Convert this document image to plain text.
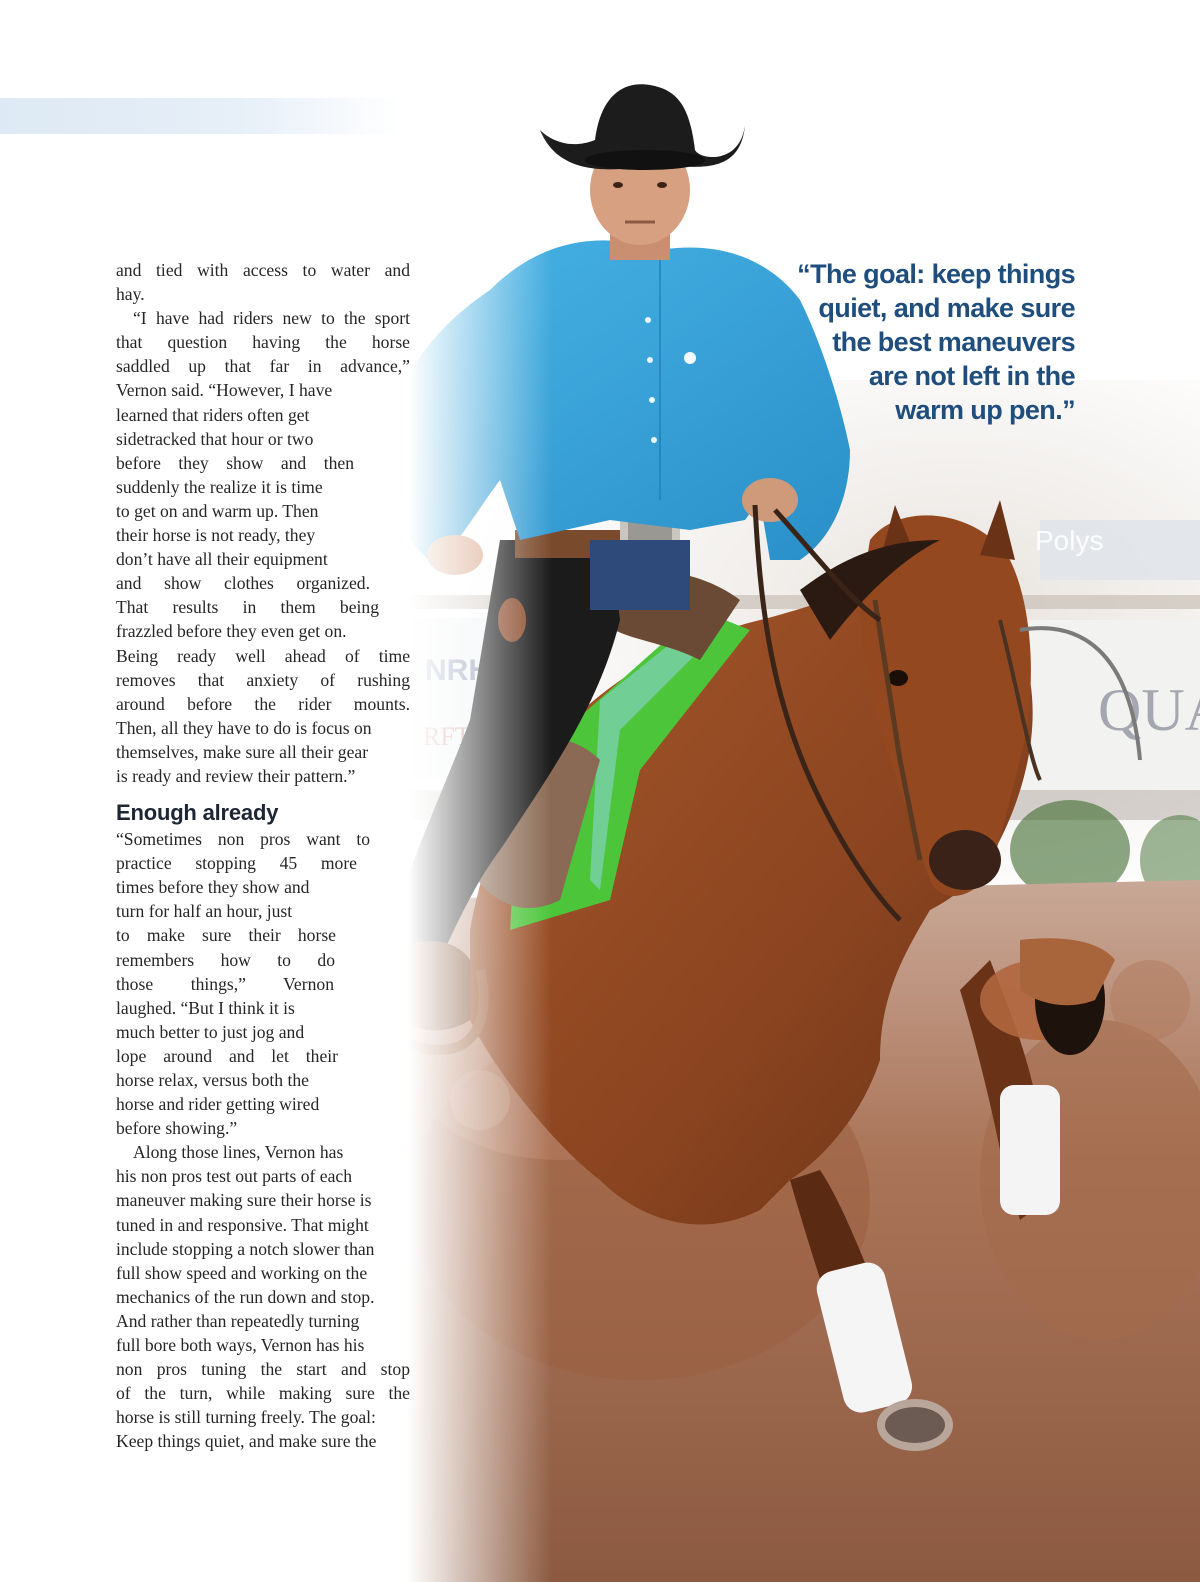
and tied with access to water and
hay.
“I have had riders new to the sport
that question having the horse
saddled up that far in advance,”
Vernon said. “However, I have
learned that riders often get
sidetracked that hour or two
before they show and then
suddenly the realize it is time
to get on and warm up. Then
their horse is not ready, they
don’t have all their equipment
and show clothes organized.
That results in them being
frazzled before they even get on.
Being ready well ahead of time
removes that anxiety of rushing
around before the rider mounts.
Then, all they have to do is focus on
themselves, make sure all their gear
is ready and review their pattern.”
Enough already
“Sometimes non pros want to
practice stopping 45 more
times before they show and
turn for half an hour, just
to make sure their horse
remembers how to do
those things,” Vernon
laughed. “But I think it is
much better to just jog and
lope around and let their
horse relax, versus both the
horse and rider getting wired
before showing.”
Along those lines, Vernon has
his non pros test out parts of each
maneuver making sure their horse is
tuned in and responsive. That might
include stopping a notch slower than
full show speed and working on the
mechanics of the run down and stop.
And rather than repeatedly turning
full bore both ways, Vernon has his
non pros tuning the start and stop
of the turn, while making sure the
horse is still turning freely. The goal:
Keep things quiet, and make sure the
“The goal: keep things
quiet, and make sure
the best maneuvers
are not left in the
warm up pen.”
